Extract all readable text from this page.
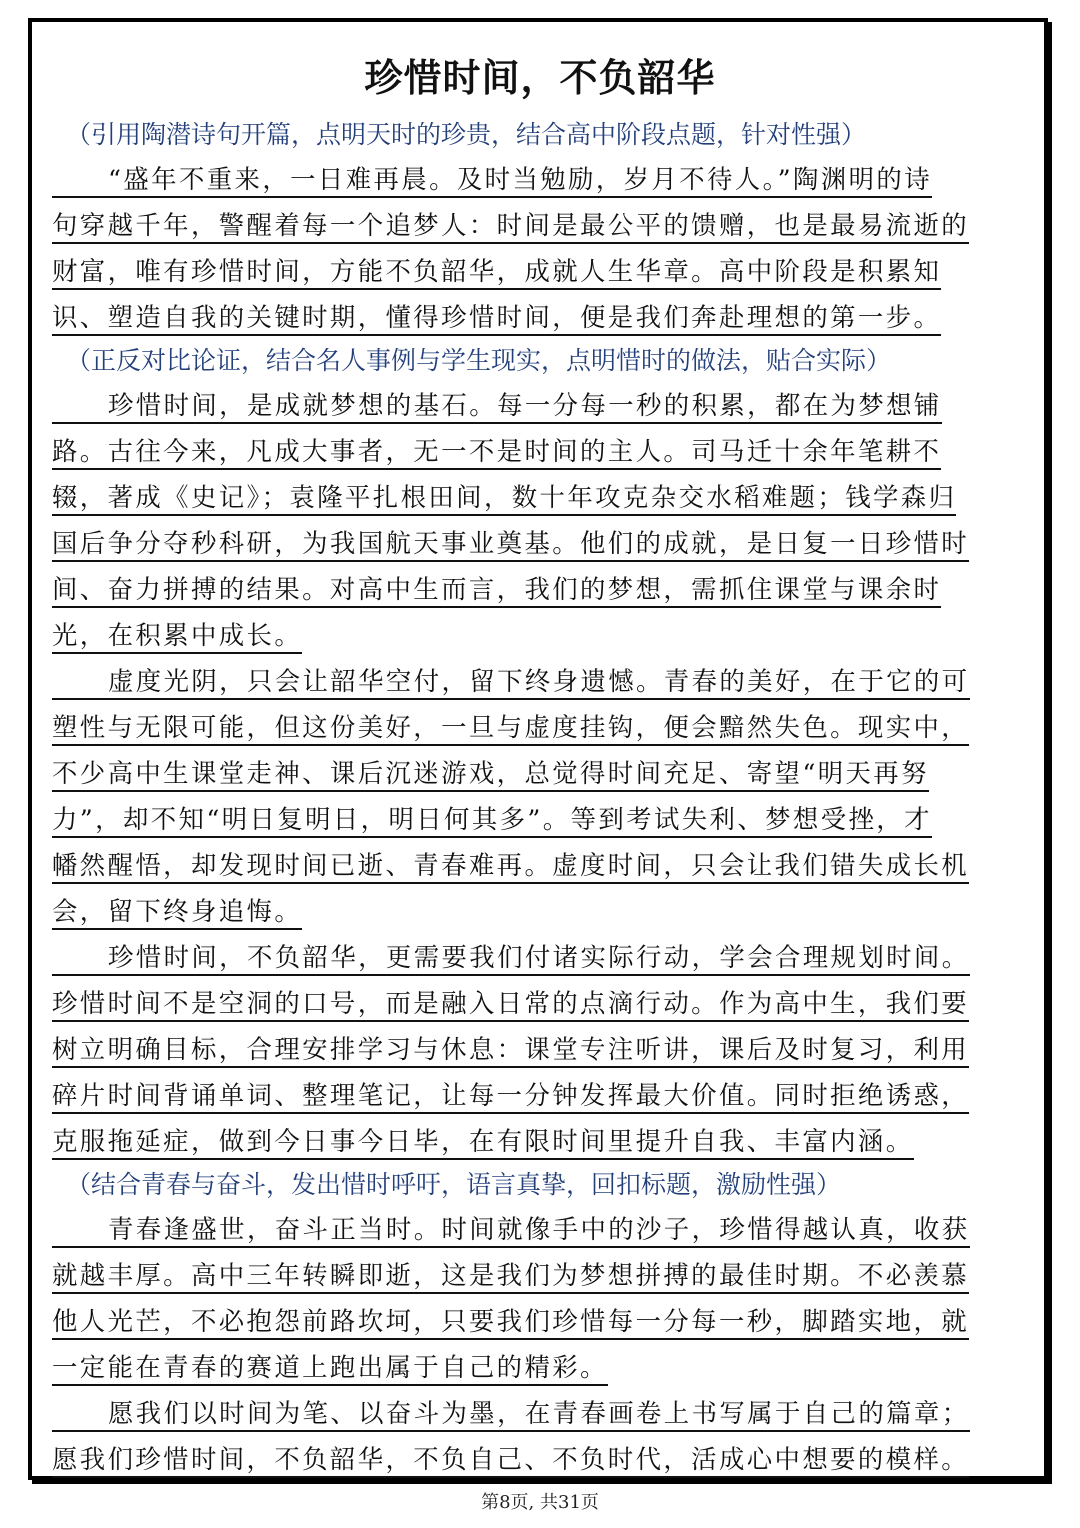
珍惜时间，不负韶华
（引用陶潜诗句开篇，点明天时的珍贵，结合高中阶段点题，针对性强）
“盛年不重来，一日难再晨。及时当勉励，岁月不待人。”陶渊明的诗
句穿越千年，警醒着每一个追梦人：时间是最公平的馈赠，也是最易流逝的
财富，唯有珍惜时间，方能不负韶华，成就人生华章。高中阶段是积累知
识、塑造自我的关键时期，懂得珍惜时间，便是我们奔赴理想的第一步。
（正反对比论证，结合名人事例与学生现实，点明惜时的做法，贴合实际）
珍惜时间，是成就梦想的基石。每一分每一秒的积累，都在为梦想铺
路。古往今来，凡成大事者，无一不是时间的主人。司马迁十余年笔耕不
辍，著成《史记》；袁隆平扎根田间，数十年攻克杂交水稻难题；钱学森归
国后争分夺秒科研，为我国航天事业奠基。他们的成就，是日复一日珍惜时
间、奋力拼搏的结果。对高中生而言，我们的梦想，需抓住课堂与课余时
光，在积累中成长。
虚度光阴，只会让韶华空付，留下终身遗憾。青春的美好，在于它的可
塑性与无限可能，但这份美好，一旦与虚度挂钩，便会黯然失色。现实中，
不少高中生课堂走神、课后沉迷游戏，总觉得时间充足、寄望“明天再努
力”，却不知“明日复明日，明日何其多”。等到考试失利、梦想受挫，才
幡然醒悟，却发现时间已逝、青春难再。虚度时间，只会让我们错失成长机
会，留下终身追悔。
珍惜时间，不负韶华，更需要我们付诸实际行动，学会合理规划时间。
珍惜时间不是空洞的口号，而是融入日常的点滴行动。作为高中生，我们要
树立明确目标，合理安排学习与休息：课堂专注听讲，课后及时复习，利用
碎片时间背诵单词、整理笔记，让每一分钟发挥最大价值。同时拒绝诱惑，
克服拖延症，做到今日事今日毕，在有限时间里提升自我、丰富内涵。
（结合青春与奋斗，发出惜时呼吁，语言真挚，回扣标题，激励性强）
青春逢盛世，奋斗正当时。时间就像手中的沙子，珍惜得越认真，收获
就越丰厚。高中三年转瞬即逝，这是我们为梦想拼搏的最佳时期。不必羡慕
他人光芒，不必抱怨前路坎坷，只要我们珍惜每一分每一秒，脚踏实地，就
一定能在青春的赛道上跑出属于自己的精彩。
愿我们以时间为笔、以奋斗为墨，在青春画卷上书写属于自己的篇章；
愿我们珍惜时间，不负韶华，不负自己、不负时代，活成心中想要的模样。
第8页, 共31页
